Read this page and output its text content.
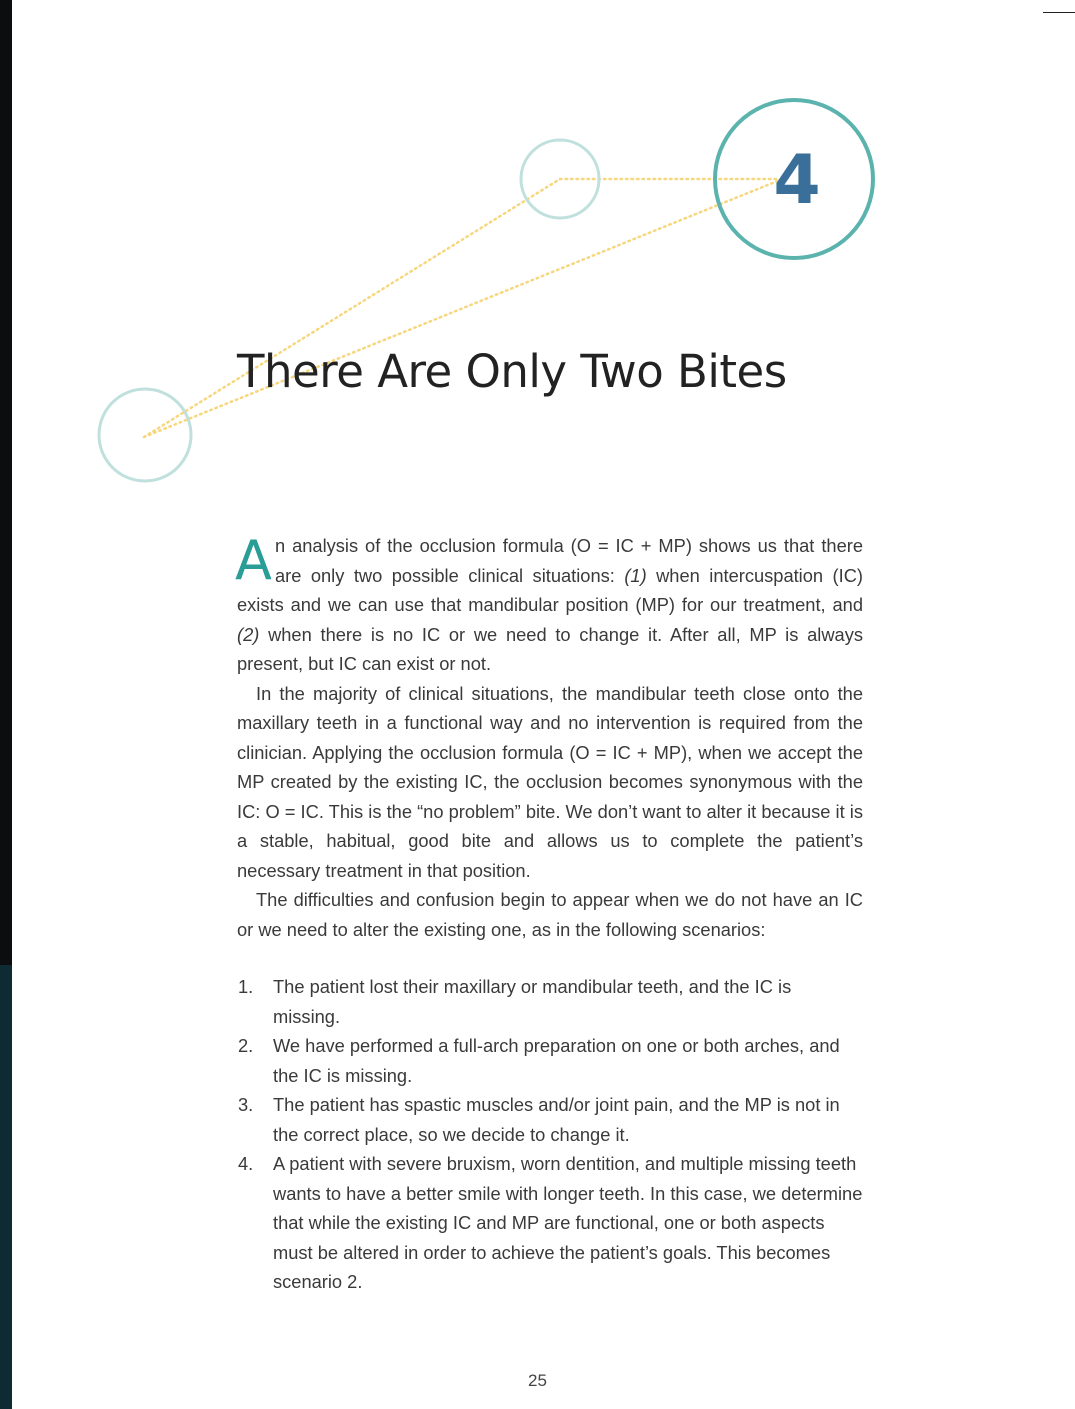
4
There Are Only Two Bites

An analysis of the occlusion formula (O = IC + MP) shows us that there are only two possible clinical situations: (1) when intercuspation (IC) exists and we can use that mandibular position (MP) for our treatment, and (2) when there is no IC or we need to change it. After all, MP is always present, but IC can exist or not.

In the majority of clinical situations, the mandibular teeth close onto the maxillary teeth in a functional way and no intervention is required from the clinician. Applying the occlusion formula (O = IC + MP), when we accept the MP created by the existing IC, the occlusion becomes synonymous with the IC: O = IC. This is the “no problem” bite. We don’t want to alter it because it is a stable, habitual, good bite and allows us to complete the patient’s necessary treatment in that position.

The difficulties and confusion begin to appear when we do not have an IC or we need to alter the existing one, as in the following scenarios:

1. The patient lost their maxillary or mandibular teeth, and the IC is missing.
2. We have performed a full-arch preparation on one or both arches, and the IC is missing.
3. The patient has spastic muscles and/or joint pain, and the MP is not in the correct place, so we decide to change it.
4. A patient with severe bruxism, worn dentition, and multiple missing teeth wants to have a better smile with longer teeth. In this case, we determine that while the existing IC and MP are functional, one or both aspects must be altered in order to achieve the patient’s goals. This becomes scenario 2.
25
